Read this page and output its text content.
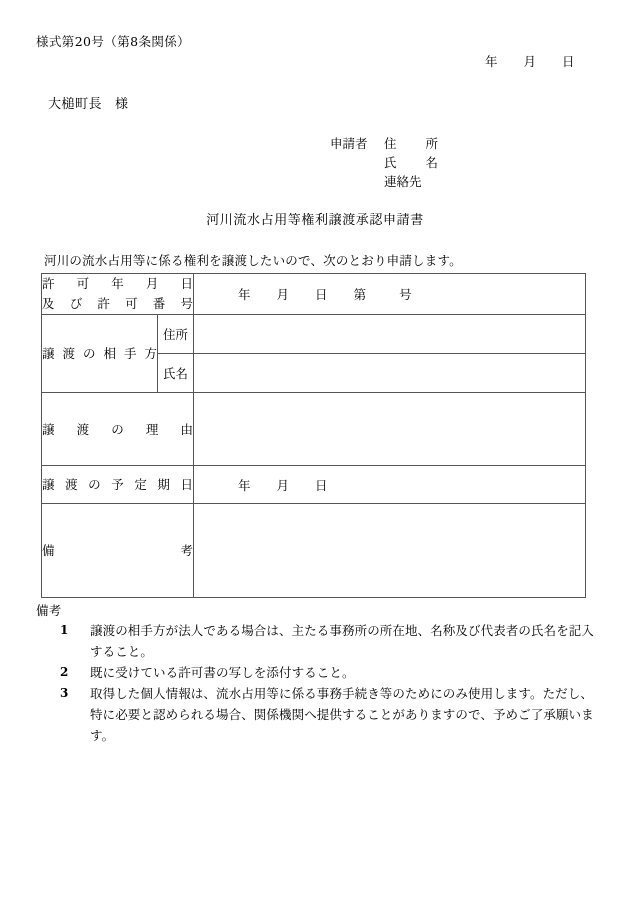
様式第20号（第8条関係）
年 月 日
大槌町長 様
申請者 住所
氏名
連絡先
河川流水占用等権利譲渡承認申請書
河川の流水占用等に係る権利を譲渡したいので、次のとおり申請します。
許可年月日
及び許可番号		年 月 日 第 号
譲渡の相手方	住所	
	氏名	
譲渡の理由		
譲渡の予定期日		年 月 日
備考		
備考
1	譲渡の相手方が法人である場合は、主たる事務所の所在地、名称及び代表者の氏名を記入すること。
2	既に受けている許可書の写しを添付すること。
3	取得した個人情報は、流水占用等に係る事務手続き等のためにのみ使用します。ただし、特に必要と認められる場合、関係機関へ提供することがありますので、予めご了承願います。
